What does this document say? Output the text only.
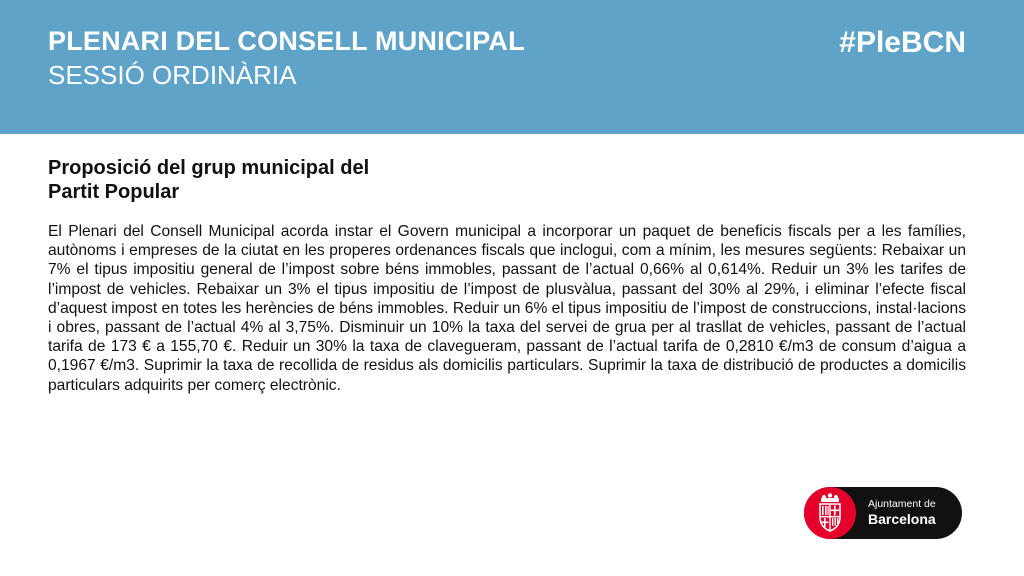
PLENARI DEL CONSELL MUNICIPAL
SESSIÓ ORDINÀRIA
#PleBCN
Proposició del grup municipal del
Partit Popular

El Plenari del Consell Municipal acorda instar el Govern municipal a incorporar un paquet de beneficis fiscals per a les famílies, autònoms i empreses de la ciutat en les properes ordenances fiscals que inclogui, com a mínim, les mesures següents: Rebaixar un 7% el tipus impositiu general de l’impost sobre béns immobles, passant de l’actual 0,66% al 0,614%. Reduir un 3% les tarifes de l’impost de vehicles. Rebaixar un 3% el tipus impositiu de l’impost de plusvàlua, passant del 30% al 29%, i eliminar l’efecte fiscal d’aquest impost en totes les herències de béns immobles. Reduir un 6% el tipus impositiu de l’impost de construccions, instal·lacions i obres, passant de l’actual 4% al 3,75%. Disminuir un 10% la taxa del servei de grua per al trasllat de vehicles, passant de l’actual tarifa de 173 € a 155,70 €. Reduir un 30% la taxa de clavegueram, passant de l’actual tarifa de 0,2810 €/m3 de consum d’aigua a 0,1967 €/m3. Suprimir la taxa de recollida de residus als domicilis particulars. Suprimir la taxa de distribució de productes a domicilis particulars adquirits per comerç electrònic.

Ajuntament de
Barcelona
